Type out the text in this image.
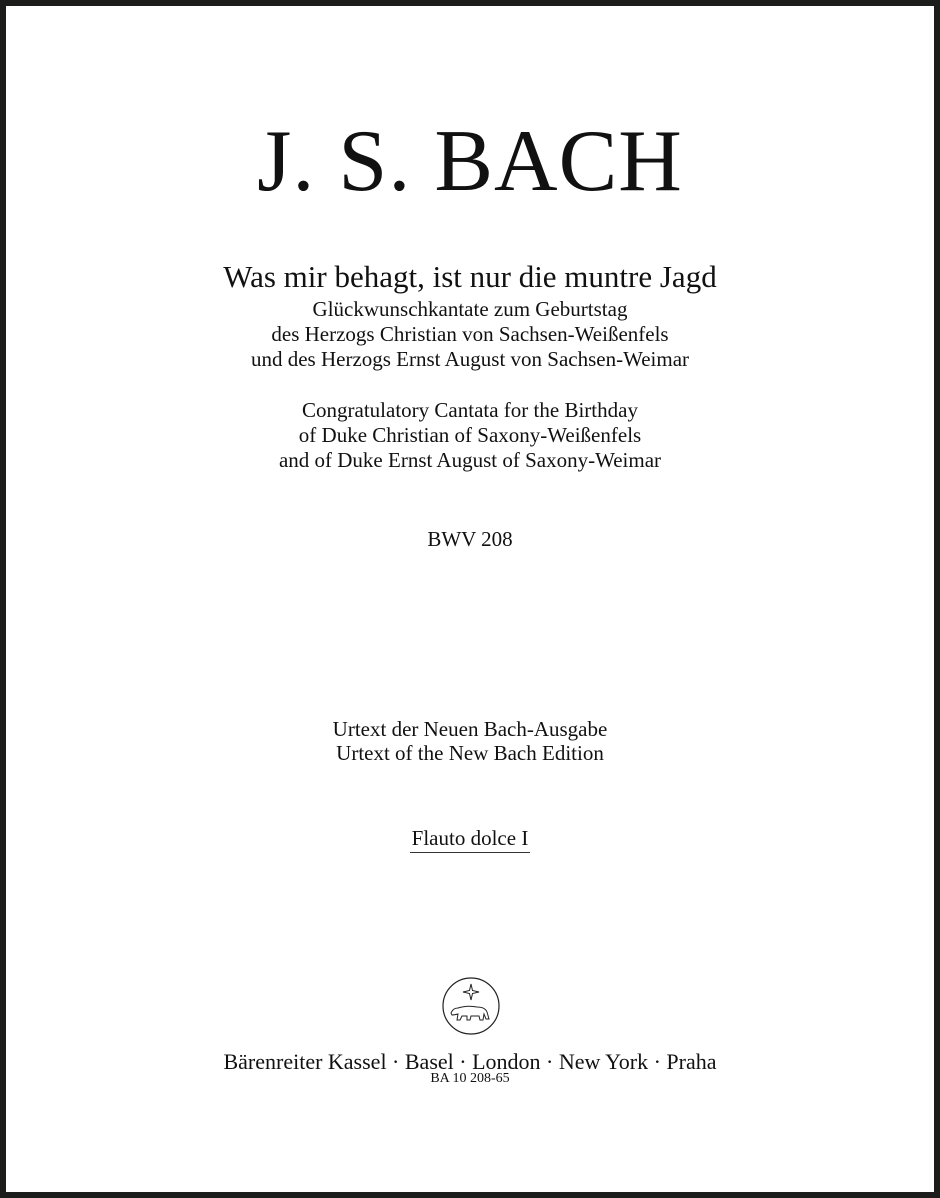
J. S. BACH
Was mir behagt, ist nur die muntre Jagd
Glückwunschkantate zum Geburtstag
des Herzogs Christian von Sachsen-Weißenfels
und des Herzogs Ernst August von Sachsen-Weimar
Congratulatory Cantata for the Birthday
of Duke Christian of Saxony-Weißenfels
and of Duke Ernst August of Saxony-Weimar
BWV 208
Urtext der Neuen Bach-Ausgabe
Urtext of the New Bach Edition
Flauto dolce I
Bärenreiter Kassel · Basel · London · New York · Praha
BA 10 208-65
